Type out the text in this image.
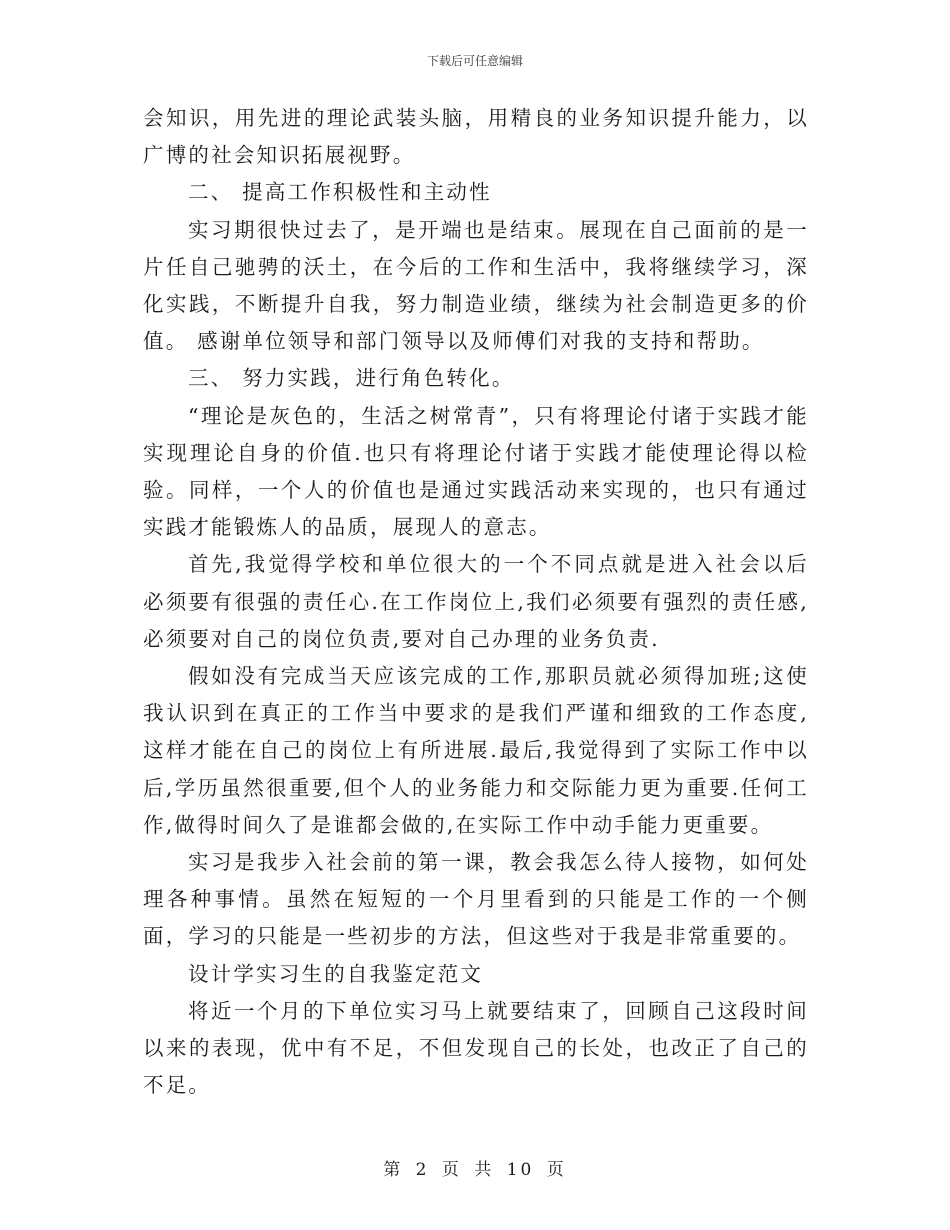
下载后可任意编辑

会知识，用先进的理论武装头脑，用精良的业务知识提升能力，以广博的社会知识拓展视野。

二、 提高工作积极性和主动性

实习期很快过去了，是开端也是结束。展现在自己面前的是一片任自己驰骋的沃土，在今后的工作和生活中，我将继续学习，深化实践，不断提升自我，努力制造业绩，继续为社会制造更多的价值。 感谢单位领导和部门领导以及师傅们对我的支持和帮助。

三、 努力实践，进行角色转化。

“理论是灰色的，生活之树常青”，只有将理论付诸于实践才能实现理论自身的价值.也只有将理论付诸于实践才能使理论得以检验。同样，一个人的价值也是通过实践活动来实现的，也只有通过实践才能锻炼人的品质，展现人的意志。

首先,我觉得学校和单位很大的一个不同点就是进入社会以后必须要有很强的责任心.在工作岗位上,我们必须要有强烈的责任感,必须要对自己的岗位负责,要对自己办理的业务负责.

假如没有完成当天应该完成的工作,那职员就必须得加班;这使我认识到在真正的工作当中要求的是我们严谨和细致的工作态度,这样才能在自己的岗位上有所进展.最后,我觉得到了实际工作中以后,学历虽然很重要,但个人的业务能力和交际能力更为重要.任何工作,做得时间久了是谁都会做的,在实际工作中动手能力更重要。

实习是我步入社会前的第一课，教会我怎么待人接物，如何处理各种事情。虽然在短短的一个月里看到的只能是工作的一个侧面，学习的只能是一些初步的方法，但这些对于我是非常重要的。

设计学实习生的自我鉴定范文

将近一个月的下单位实习马上就要结束了，回顾自己这段时间以来的表现，优中有不足，不但发现自己的长处，也改正了自己的不足。

第 2 页 共 10 页
